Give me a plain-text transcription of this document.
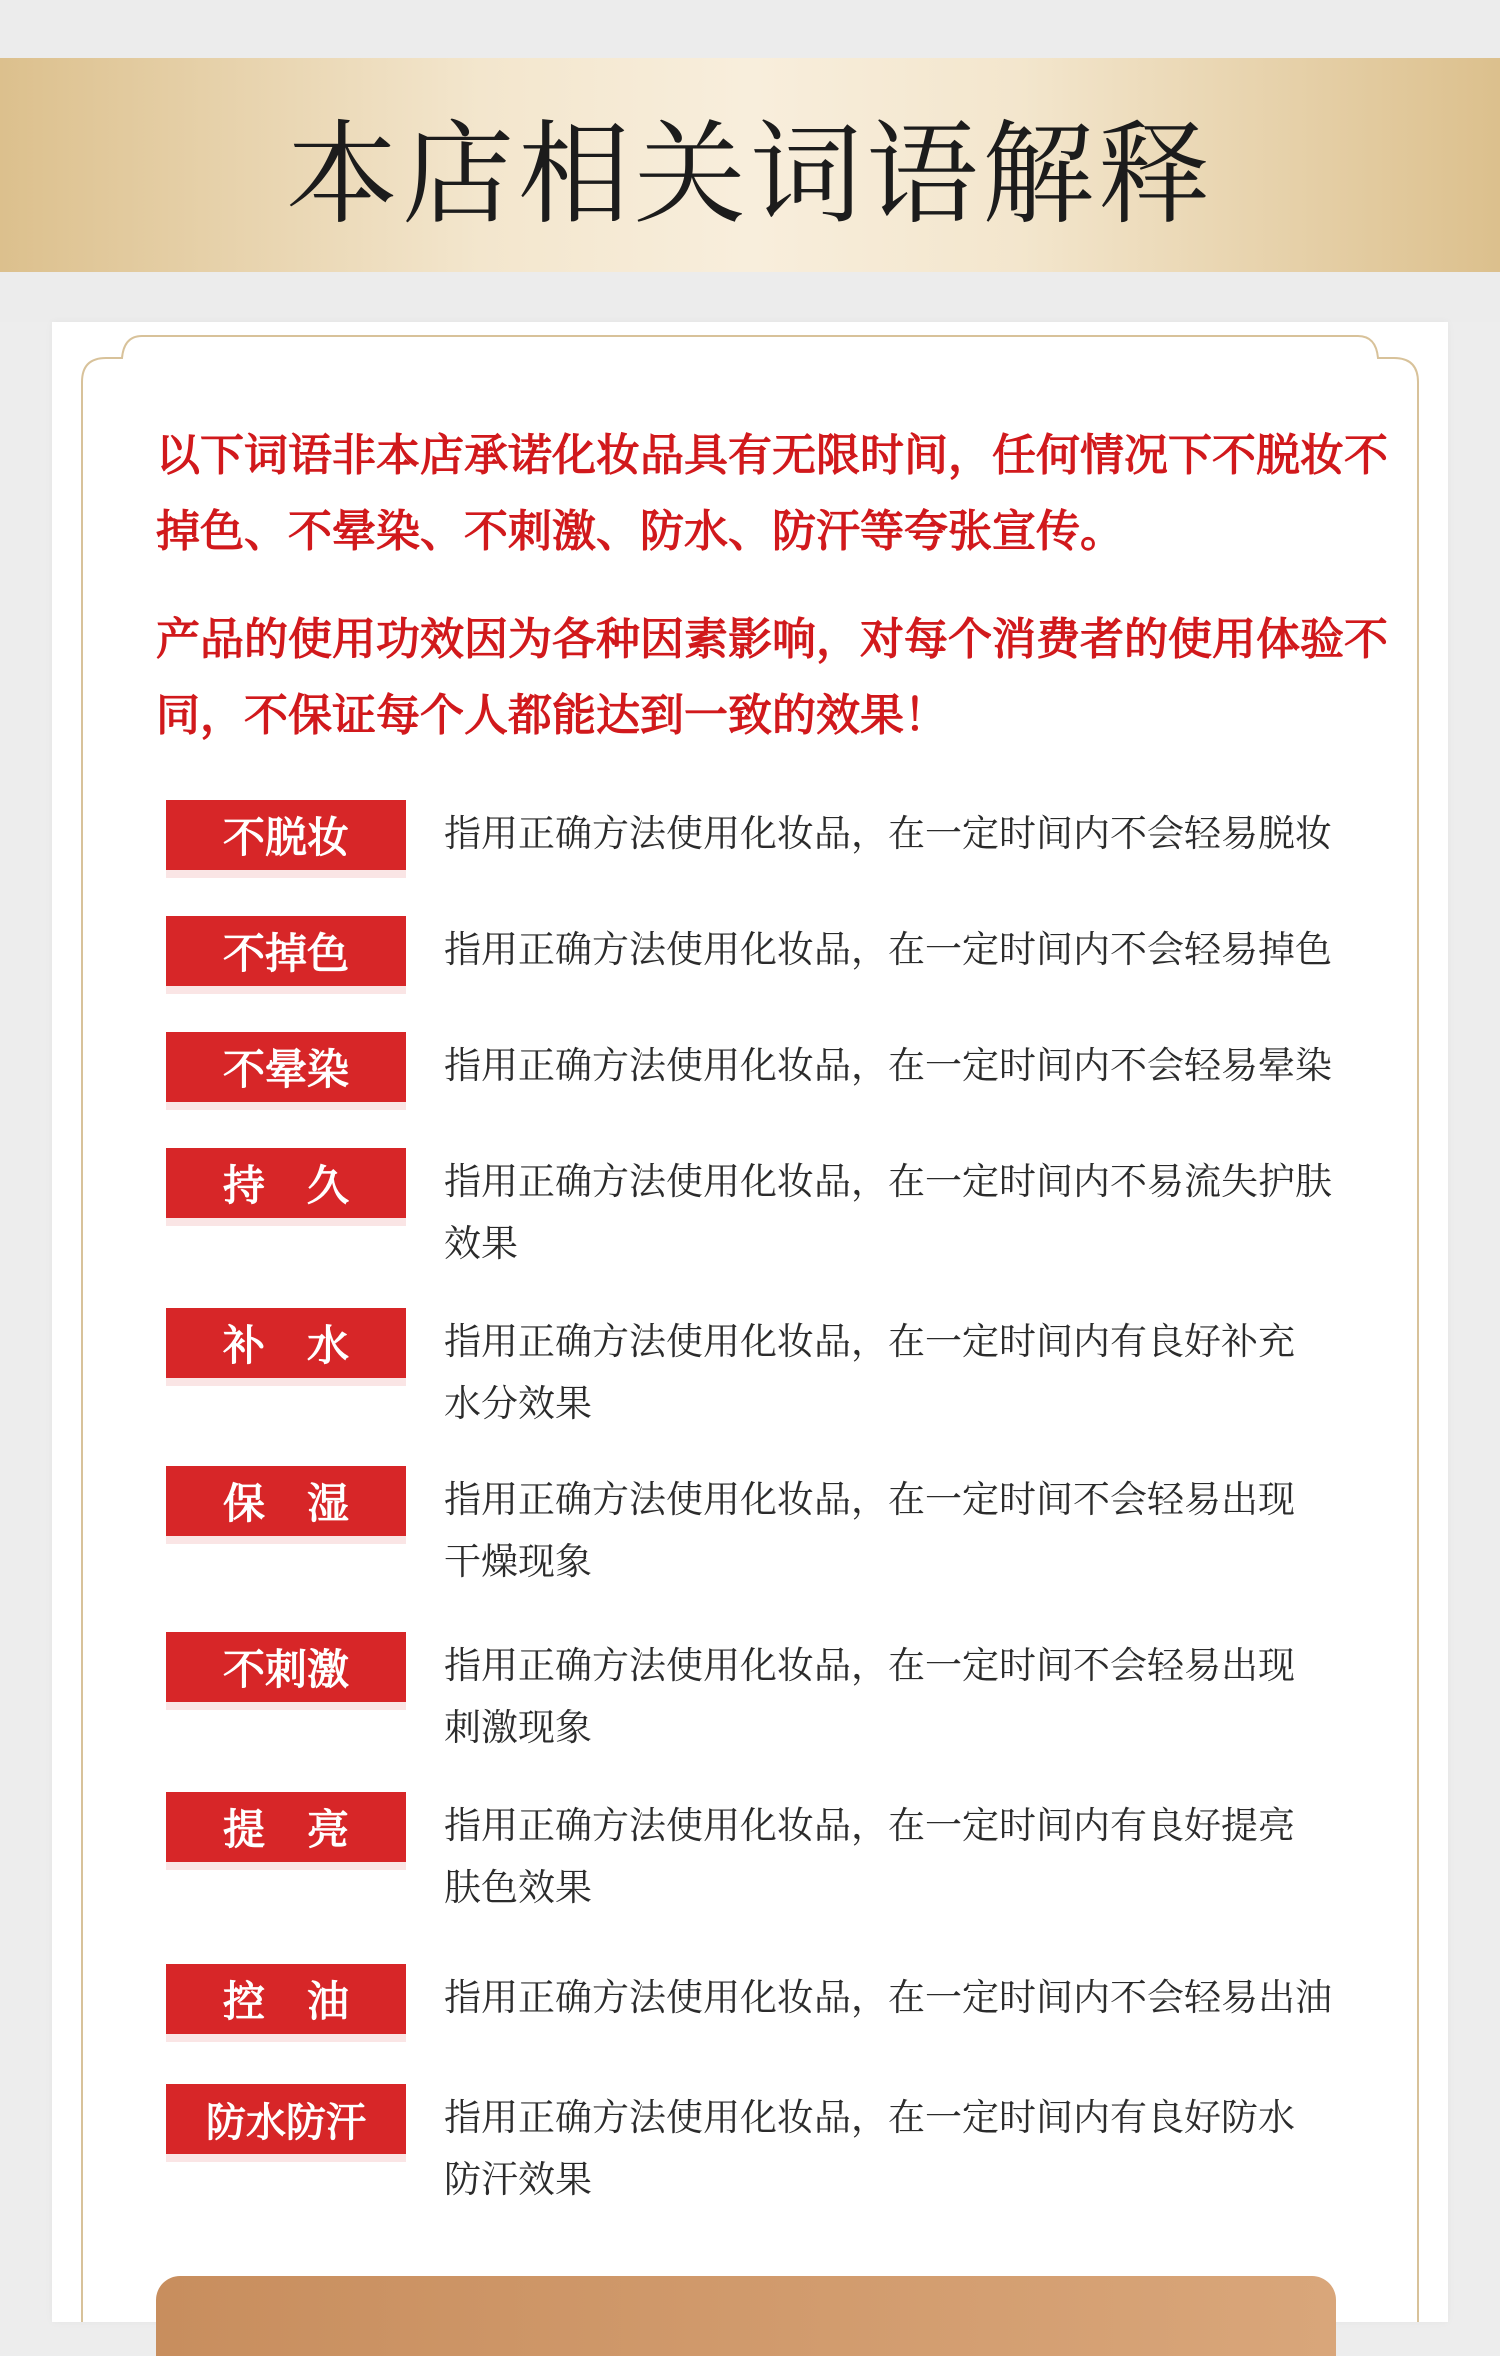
本店相关词语解释
以下词语非本店承诺化妆品具有无限时间，任何情况下不脱妆不掉色、不晕染、不刺激、防水、防汗等夸张宣传。
产品的使用功效因为各种因素影响，对每个消费者的使用体验不同，不保证每个人都能达到一致的效果！
不脱妆	指用正确方法使用化妆品，在一定时间内不会轻易脱妆
不掉色	指用正确方法使用化妆品，在一定时间内不会轻易掉色
不晕染	指用正确方法使用化妆品，在一定时间内不会轻易晕染
持　久	指用正确方法使用化妆品，在一定时间内不易流失护肤
效果
补　水	指用正确方法使用化妆品，在一定时间内有良好补充
水分效果
保　湿	指用正确方法使用化妆品，在一定时间不会轻易出现
干燥现象
不刺激	指用正确方法使用化妆品，在一定时间不会轻易出现
刺激现象
提　亮	指用正确方法使用化妆品，在一定时间内有良好提亮
肤色效果
控　油	指用正确方法使用化妆品，在一定时间内不会轻易出油
防水防汗	指用正确方法使用化妆品，在一定时间内有良好防水
防汗效果
